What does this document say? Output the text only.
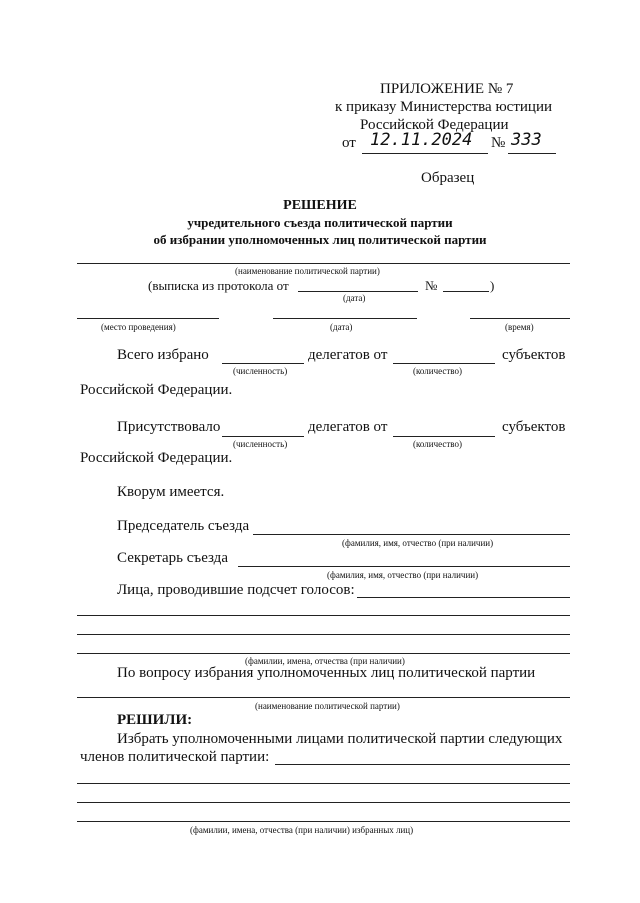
ПРИЛОЖЕНИЕ № 7
к приказу Министерства юстиции
Российской Федерации
от 12.11.2024 № 333
Образец
РЕШЕНИЕ
учредительного съезда политической партии
об избрании уполномоченных лиц политической партии
(наименование политической партии)
(выписка из протокола от	№	)
(дата)
(место проведения)	(дата)	(время)
Всего избрано	делегатов от	субъектов
(численность)	(количество)
Российской Федерации.
Присутствовало	делегатов от	субъектов
(численность)	(количество)
Российской Федерации.
Кворум имеется.
Председатель съезда
(фамилия, имя, отчество (при наличии)
Секретарь съезда
(фамилия, имя, отчество (при наличии)
Лица, проводившие подсчет голосов:
(фамилии, имена, отчества (при наличии)
По вопросу избрания уполномоченных лиц политической партии
(наименование политической партии)
РЕШИЛИ:
Избрать уполномоченными лицами политической партии следующих
членов политической партии:
(фамилии, имена, отчества (при наличии) избранных лиц)
